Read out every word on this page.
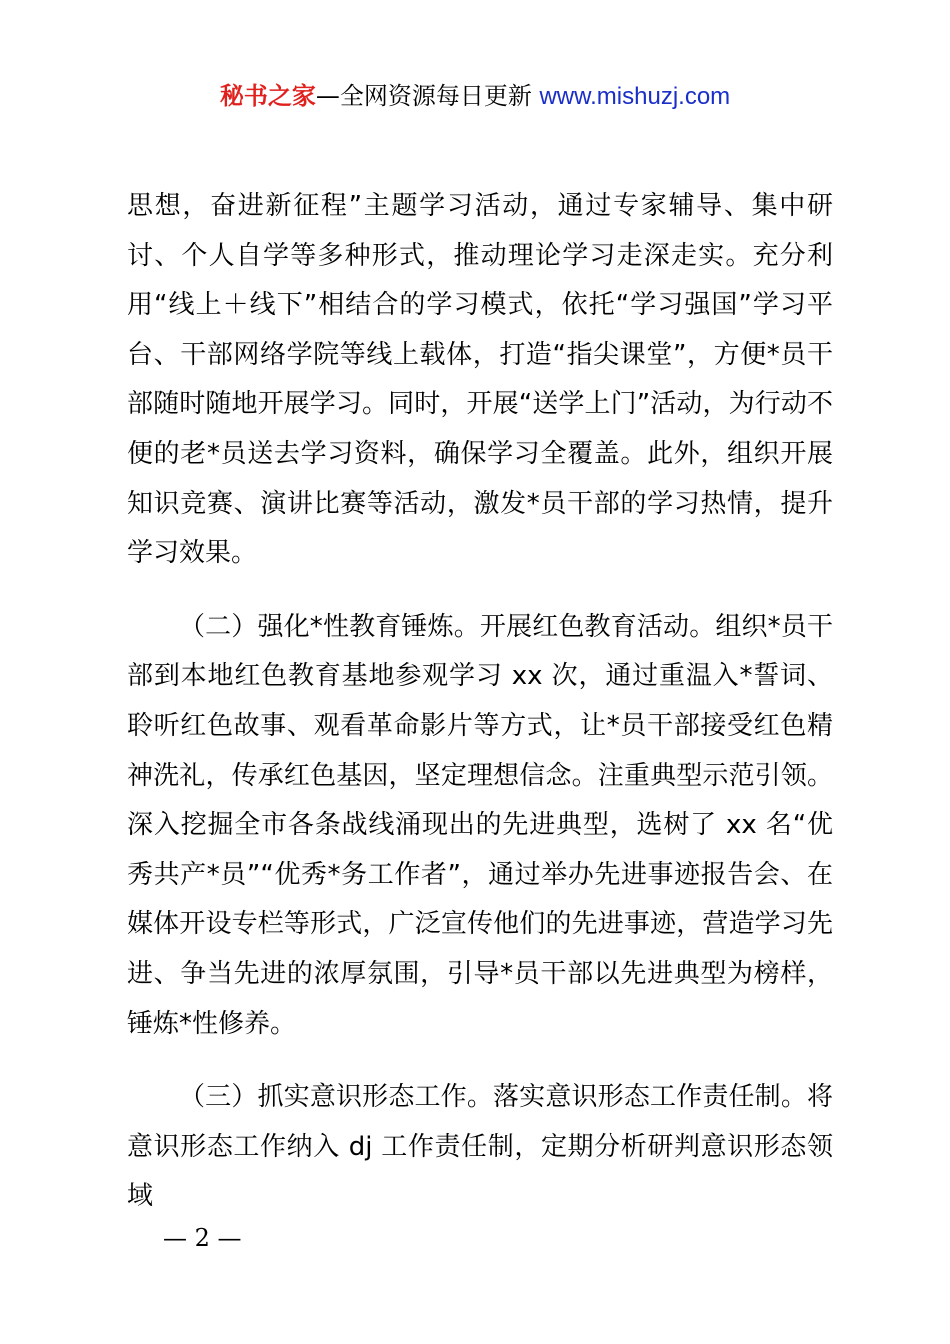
秘书之家—全网资源每日更新 www.mishuzj.com

思想，奋进新征程”主题学习活动，通过专家辅导、集中研讨、个人自学等多种形式，推动理论学习走深走实。充分利用“线上＋线下”相结合的学习模式，依托“学习强国”学习平台、干部网络学院等线上载体，打造“指尖课堂”，方便*员干部随时随地开展学习。同时，开展“送学上门”活动，为行动不便的老*员送去学习资料，确保学习全覆盖。此外，组织开展知识竞赛、演讲比赛等活动，激发*员干部的学习热情，提升学习效果。

（二）强化*性教育锤炼。开展红色教育活动。组织*员干部到本地红色教育基地参观学习 xx 次，通过重温入*誓词、聆听红色故事、观看革命影片等方式，让*员干部接受红色精神洗礼，传承红色基因，坚定理想信念。注重典型示范引领。深入挖掘全市各条战线涌现出的先进典型，选树了 xx 名“优秀共产*员”“优秀*务工作者”，通过举办先进事迹报告会、在媒体开设专栏等形式，广泛宣传他们的先进事迹，营造学习先进、争当先进的浓厚氛围，引导*员干部以先进典型为榜样，锤炼*性修养。

（三）抓实意识形态工作。落实意识形态工作责任制。将意识形态工作纳入 dj 工作责任制，定期分析研判意识形态领域

— 2 —
